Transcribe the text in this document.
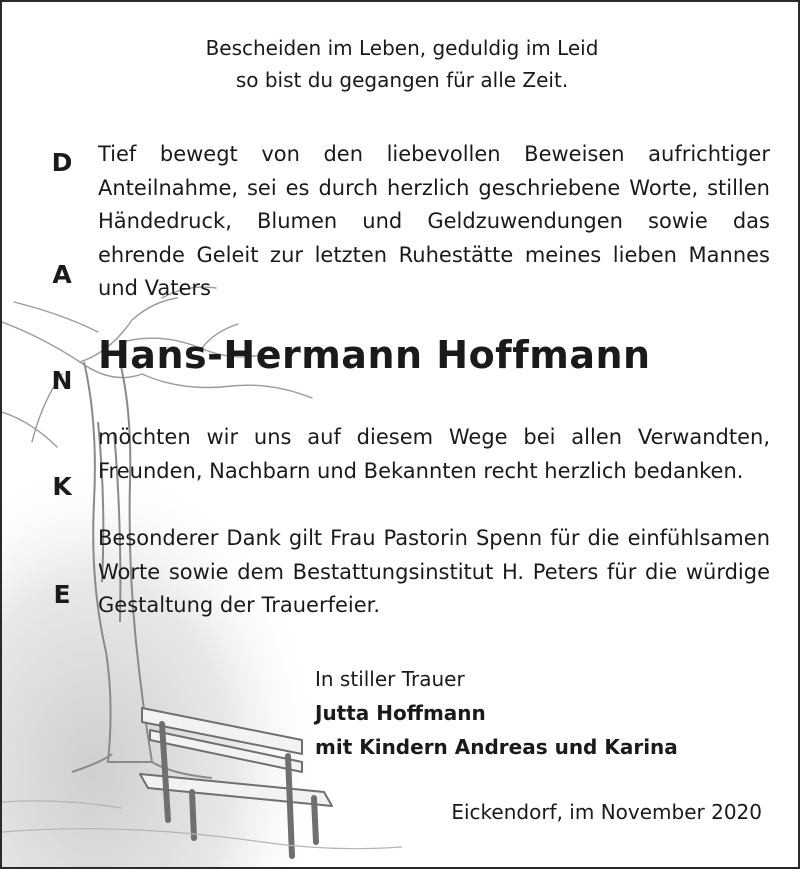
Bescheiden im Leben, geduldig im Leid
so bist du gegangen für alle Zeit.
D
A
N
K
E

Tief bewegt von den liebevollen Beweisen aufrichtiger Anteilnahme, sei es durch herzlich geschriebene Worte, stillen Händedruck, Blumen und Geldzuwendungen sowie das ehrende Geleit zur letzten Ruhestätte meines lieben Mannes und Vaters

Hans-Hermann Hoffmann

möchten wir uns auf diesem Wege bei allen Verwandten, Freunden, Nachbarn und Bekannten recht herzlich bedanken.

Besonderer Dank gilt Frau Pastorin Spenn für die einfühlsamen Worte sowie dem Bestattungsinstitut H. Peters für die würdige Gestaltung der Trauerfeier.

In stiller Trauer
Jutta Hoffmann
mit Kindern Andreas und Karina
Eickendorf, im November 2020
